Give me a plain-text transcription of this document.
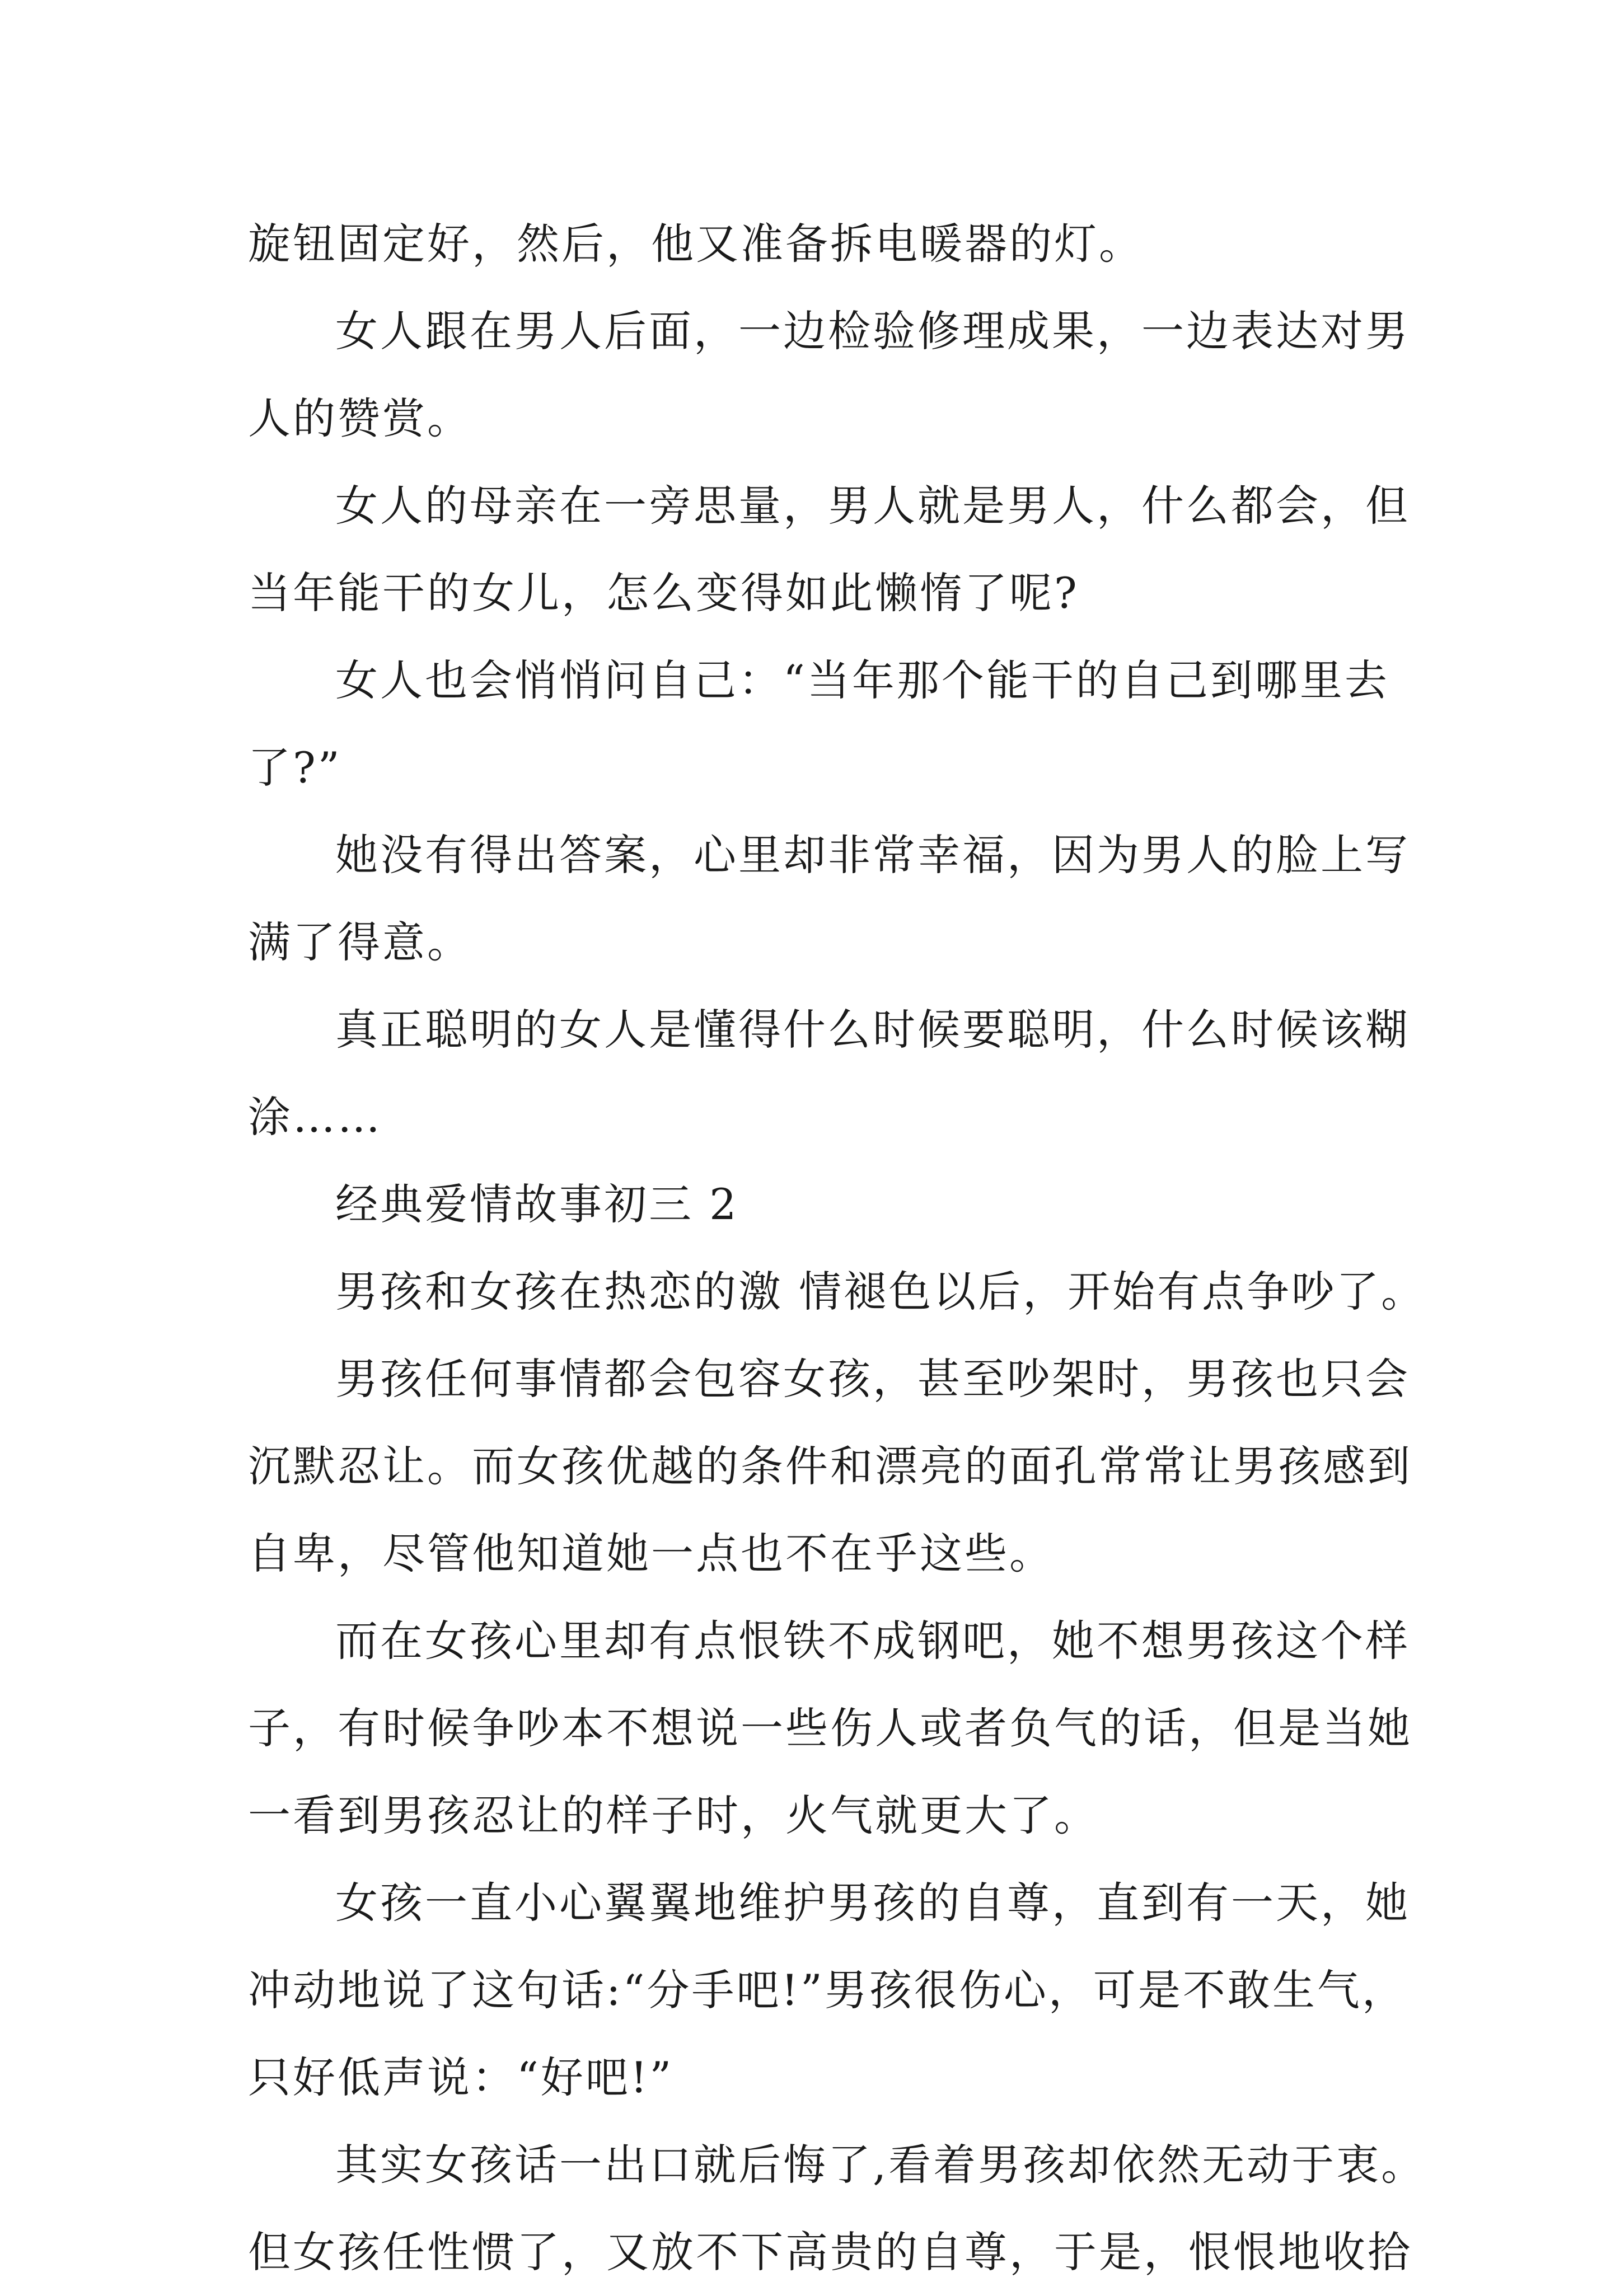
旋钮固定好，然后，他又准备拆电暖器的灯。
女人跟在男人后面，一边检验修理成果，一边表达对男
人的赞赏。
女人的母亲在一旁思量，男人就是男人，什么都会，但
当年能干的女儿，怎么变得如此懒惰了呢?
女人也会悄悄问自己：“当年那个能干的自己到哪里去
了?”
她没有得出答案，心里却非常幸福，因为男人的脸上写
满了得意。
真正聪明的女人是懂得什么时候要聪明，什么时候该糊
涂……
经典爱情故事初三 2
男孩和女孩在热恋的激 情褪色以后，开始有点争吵了。
男孩任何事情都会包容女孩，甚至吵架时，男孩也只会
沉默忍让。而女孩优越的条件和漂亮的面孔常常让男孩感到
自卑，尽管他知道她一点也不在乎这些。
而在女孩心里却有点恨铁不成钢吧，她不想男孩这个样
子，有时候争吵本不想说一些伤人或者负气的话，但是当她
一看到男孩忍让的样子时，火气就更大了。
女孩一直小心翼翼地维护男孩的自尊，直到有一天，她
冲动地说了这句话:“分手吧!”男孩很伤心，可是不敢生气，
只好低声说：“好吧!”
其实女孩话一出口就后悔了,看着男孩却依然无动于衷。
但女孩任性惯了，又放不下高贵的自尊，于是，恨恨地收拾
